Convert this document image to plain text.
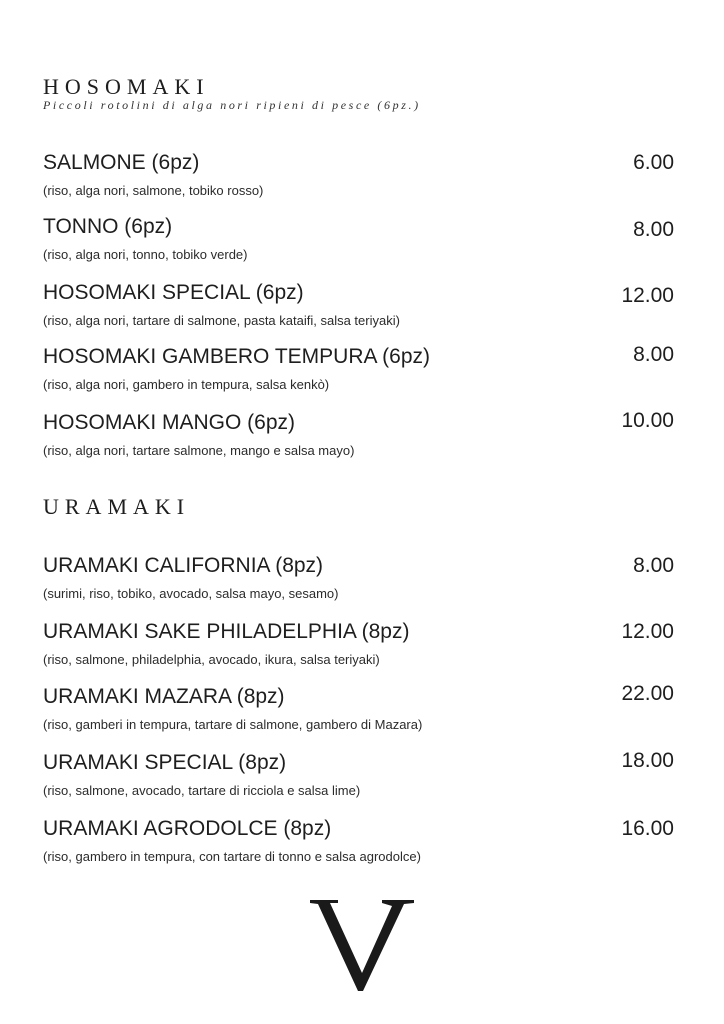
HOSOMAKI

Piccoli rotolini di alga nori ripieni di pesce (6pz.)

SALMONE (6pz)	6.00
(riso, alga nori, salmone, tobiko rosso)
TONNO (6pz)	8.00
(riso, alga nori, tonno, tobiko verde)
HOSOMAKI SPECIAL (6pz)	12.00
(riso, alga nori, tartare di salmone, pasta kataifi, salsa teriyaki)
HOSOMAKI GAMBERO TEMPURA (6pz)	8.00
(riso, alga nori, gambero in tempura, salsa kenkò)
HOSOMAKI MANGO (6pz)	10.00
(riso, alga nori, tartare salmone, mango e salsa mayo)
URAMAKI
URAMAKI CALIFORNIA (8pz)	8.00
(surimi, riso, tobiko, avocado, salsa mayo, sesamo)
URAMAKI SAKE PHILADELPHIA (8pz)	12.00
(riso, salmone, philadelphia, avocado, ikura, salsa teriyaki)
URAMAKI MAZARA (8pz)	22.00
(riso, gamberi in tempura, tartare di salmone, gambero di Mazara)
URAMAKI SPECIAL (8pz)	18.00
(riso, salmone, avocado, tartare di ricciola e salsa lime)
URAMAKI AGRODOLCE (8pz)	16.00
(riso, gambero in tempura, con tartare di tonno e salsa agrodolce)
